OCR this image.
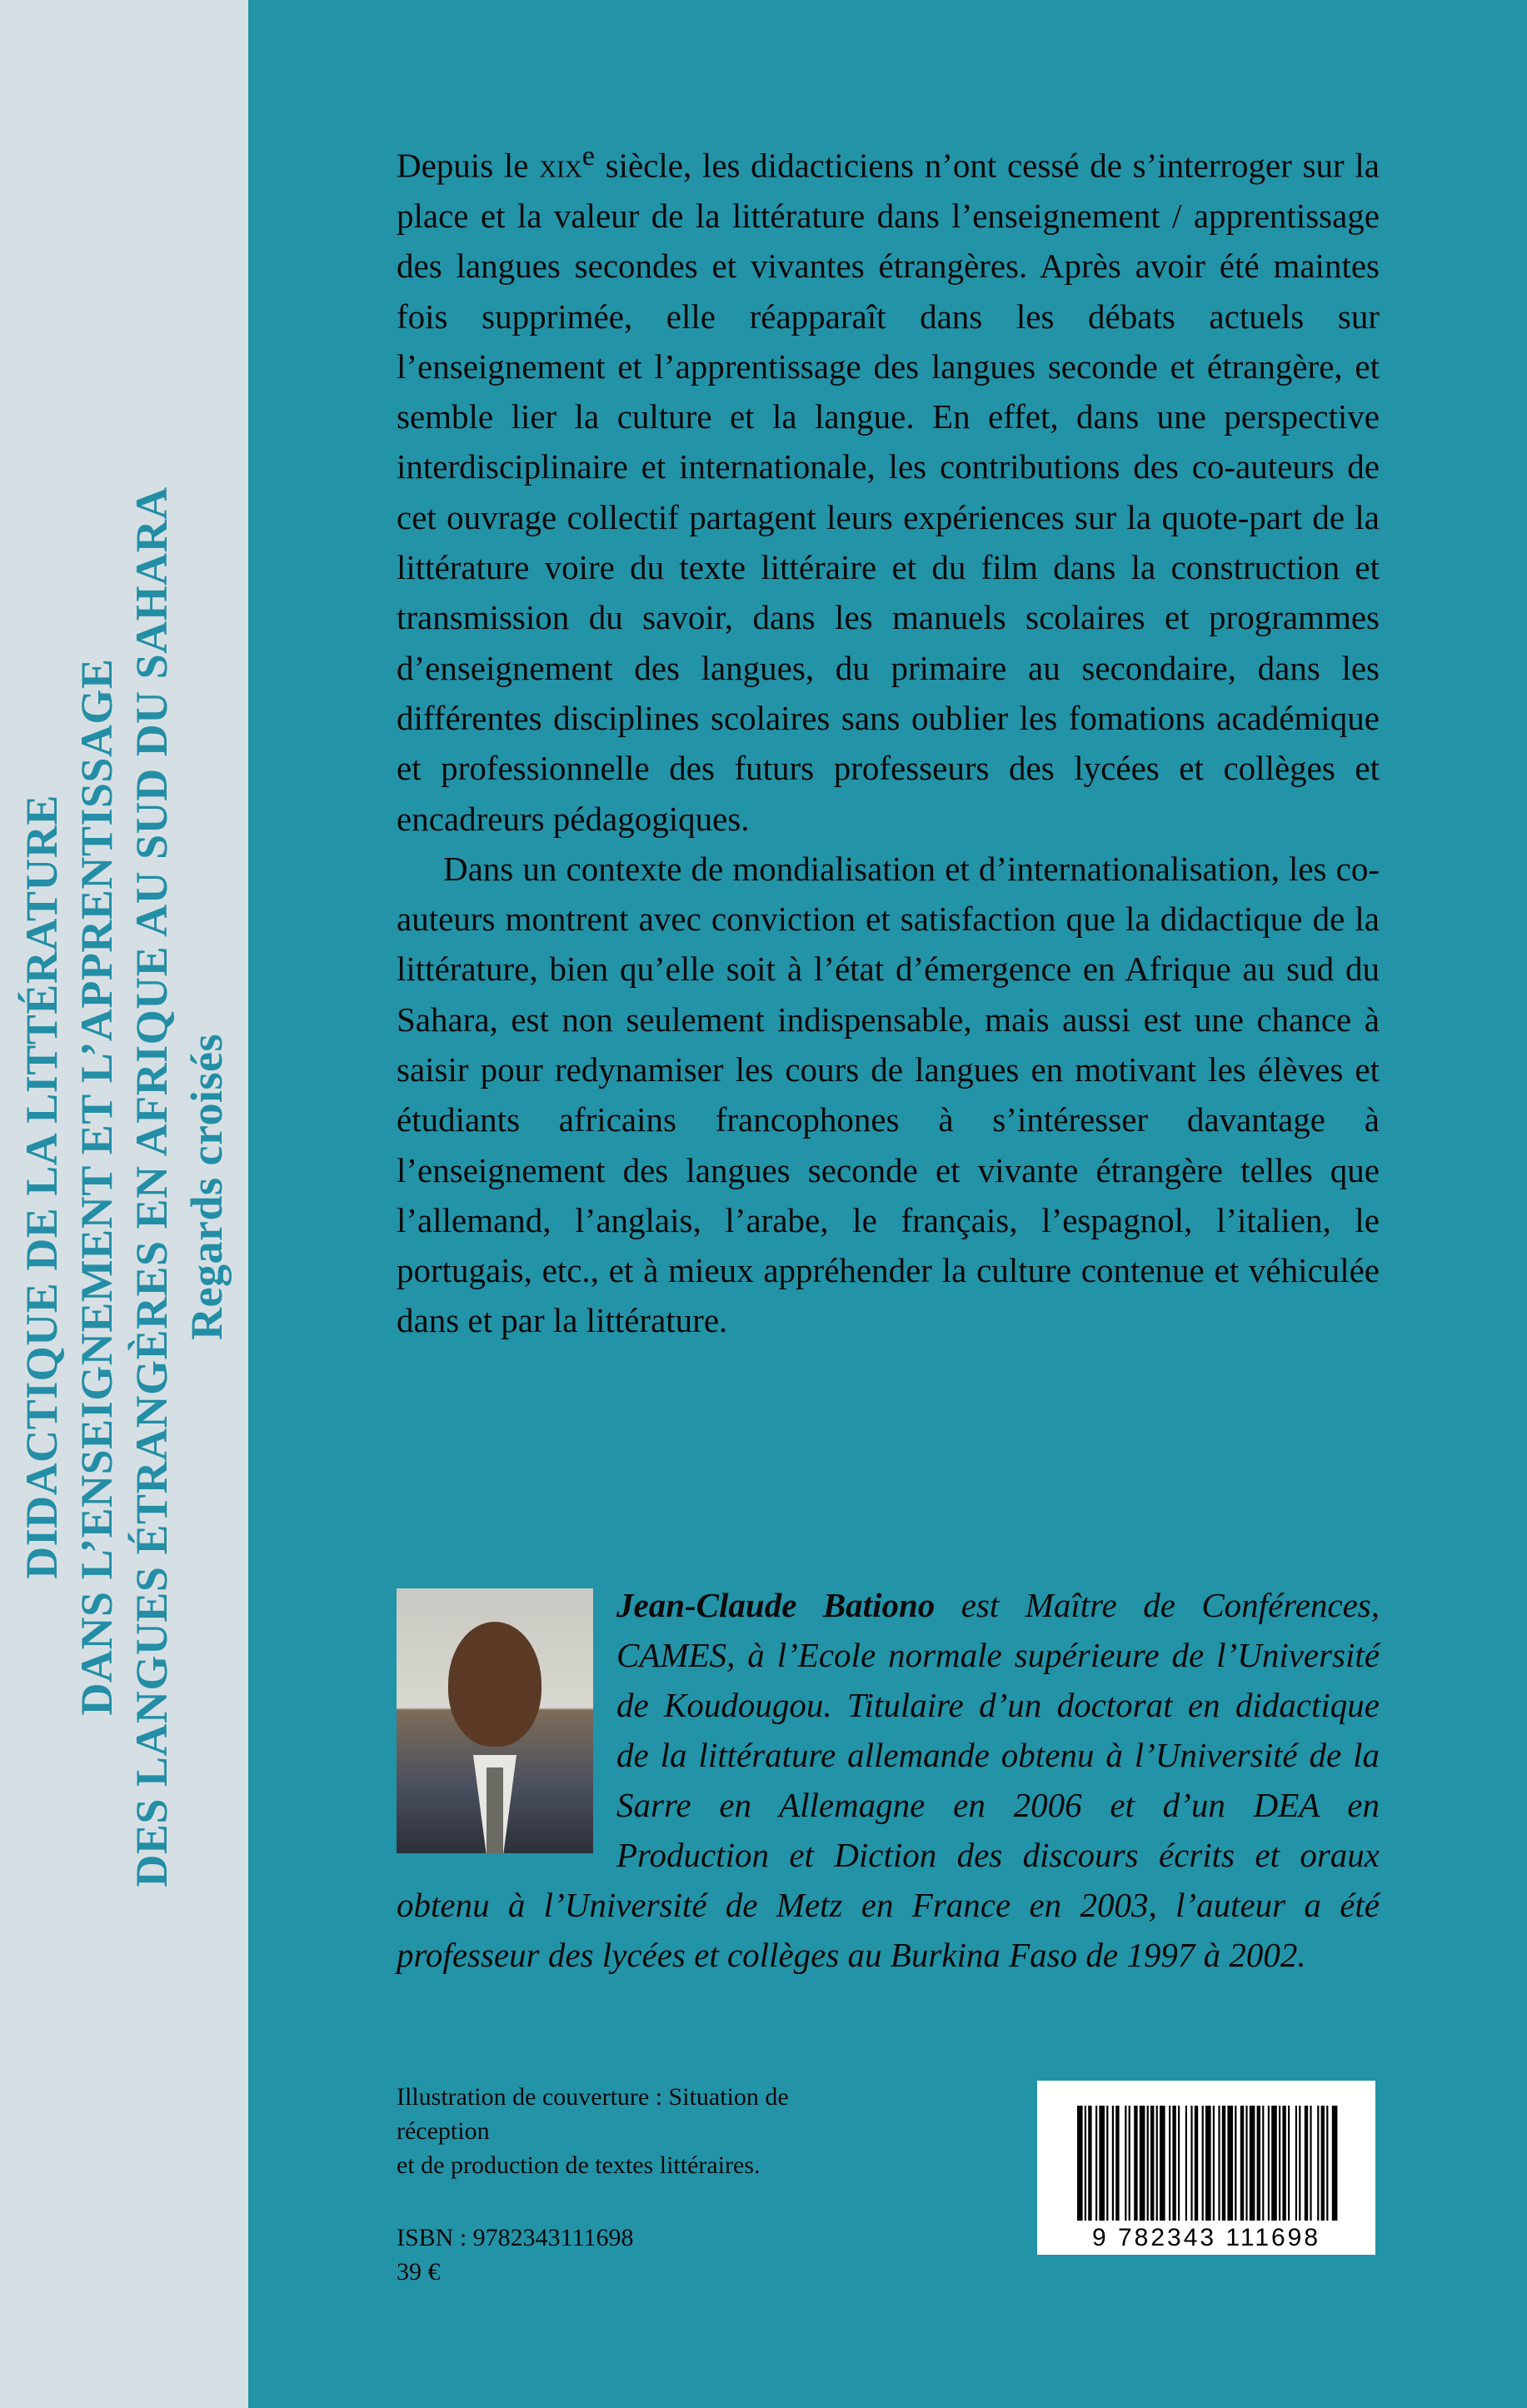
DIDACTIQUE DE LA LITTÉRATURE DANS L’ENSEIGNEMENT ET L’APPRENTISSAGE DES LANGUES ÉTRANGÈRES EN AFRIQUE AU SUD DU SAHARA Regards croisés

Depuis le xix$^e$ siècle, les didacticiens n’ont cessé de s’interroger sur la place et la valeur de la littérature dans l’enseignement / apprentissage des langues secondes et vivantes étrangères. Après avoir été maintes fois supprimée, elle réapparaît dans les débats actuels sur l’enseignement et l’apprentissage des langues seconde et étrangère, et semble lier la culture et la langue. En effet, dans une perspective interdisciplinaire et internationale, les contributions des co-auteurs de cet ouvrage collectif partagent leurs expériences sur la quote-part de la littérature voire du texte littéraire et du film dans la construction et transmission du savoir, dans les manuels scolaires et programmes d’enseignement des langues, du primaire au secondaire, dans les différentes disciplines scolaires sans oublier les fomations académique et professionnelle des futurs professeurs des lycées et collèges et encadreurs pédagogiques.

Dans un contexte de mondialisation et d’internationalisation, les co-auteurs montrent avec conviction et satisfaction que la didactique de la littérature, bien qu’elle soit à l’état d’émergence en Afrique au sud du Sahara, est non seulement indispensable, mais aussi est une chance à saisir pour redynamiser les cours de langues en motivant les élèves et étudiants africains francophones à s’intéresser davantage à l’enseignement des langues seconde et vivante étrangère telles que l’allemand, l’anglais, l’arabe, le français, l’espagnol, l’italien, le portugais, etc., et à mieux appréhender la culture contenue et véhiculée dans et par la littérature.

Jean-Claude Bationo est Maître de Conférences, CAMES, à l’Ecole normale supérieure de l’Université de Koudougou. Titulaire d’un doctorat en didactique de la littérature allemande obtenu à l’Université de la Sarre en Allemagne en 2006 et d’un DEA en Production et Diction des discours écrits et oraux obtenu à l’Université de Metz en France en 2003, l’auteur a été professeur des lycées et collèges au Burkina Faso de 1997 à 2002.
Illustration de couverture : Situation de réception
et de production de textes littéraires.
ISBN : 9782343111698
39 €
9 782343 111698
